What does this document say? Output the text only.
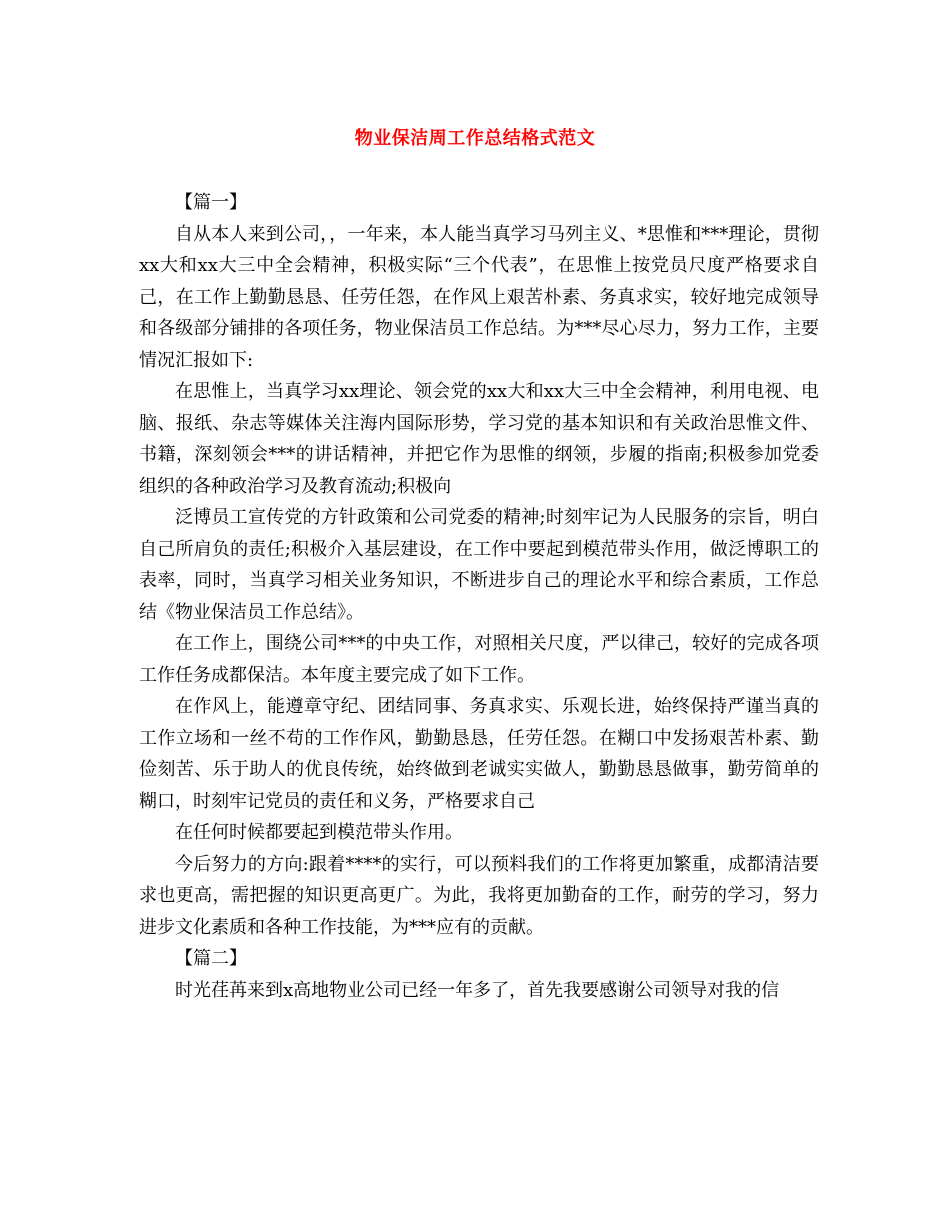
物业保洁周工作总结格式范文

【篇一】

自从本人来到公司，，一年来，本人能当真学习马列主义、*思惟和***理论，贯彻xx大和xx大三中全会精神，积极实际“三个代表”，在思惟上按党员尺度严格要求自己，在工作上勤勤恳恳、任劳任怨，在作风上艰苦朴素、务真求实，较好地完成领导和各级部分铺排的各项任务，物业保洁员工作总结。为***尽心尽力，努力工作，主要情况汇报如下:

在思惟上，当真学习xx理论、领会党的xx大和xx大三中全会精神，利用电视、电脑、报纸、杂志等媒体关注海内国际形势，学习党的基本知识和有关政治思惟文件、书籍，深刻领会***的讲话精神，并把它作为思惟的纲领，步履的指南;积极参加党委组织的各种政治学习及教育流动;积极向

泛博员工宣传党的方针政策和公司党委的精神;时刻牢记为人民服务的宗旨，明白自己所肩负的责任;积极介入基层建设，在工作中要起到模范带头作用，做泛博职工的表率，同时，当真学习相关业务知识，不断进步自己的理论水平和综合素质，工作总结《物业保洁员工作总结》。

在工作上，围绕公司***的中央工作，对照相关尺度，严以律己，较好的完成各项工作任务成都保洁。本年度主要完成了如下工作。

在作风上，能遵章守纪、团结同事、务真求实、乐观长进，始终保持严谨当真的工作立场和一丝不苟的工作作风，勤勤恳恳，任劳任怨。在糊口中发扬艰苦朴素、勤俭刻苦、乐于助人的优良传统，始终做到老诚实实做人，勤勤恳恳做事，勤劳简单的糊口，时刻牢记党员的责任和义务，严格要求自己

在任何时候都要起到模范带头作用。

今后努力的方向:跟着****的实行，可以预料我们的工作将更加繁重，成都清洁要求也更高，需把握的知识更高更广。为此，我将更加勤奋的工作，耐劳的学习，努力进步文化素质和各种工作技能，为***应有的贡献。

【篇二】

时光荏苒来到x高地物业公司已经一年多了，首先我要感谢公司领导对我的信
